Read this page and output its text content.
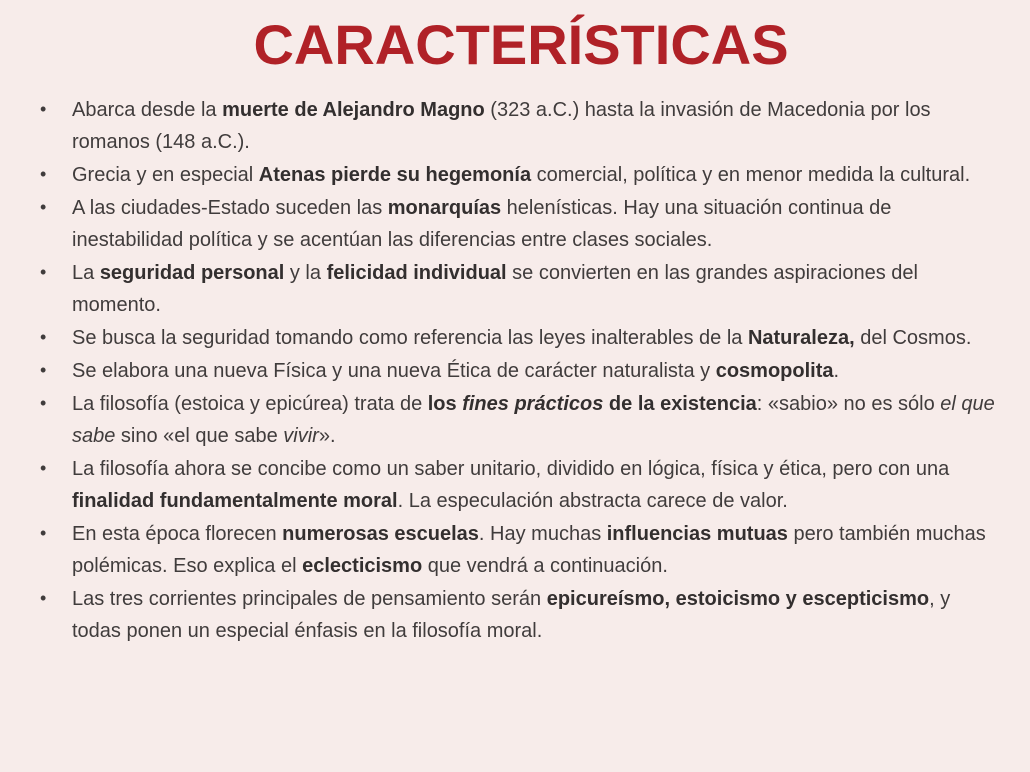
CARACTERÍSTICAS
• Abarca desde la muerte de Alejandro Magno (323 a.C.) hasta la invasión de Macedonia por los romanos (148 a.C.).
• Grecia y en especial Atenas pierde su hegemonía comercial, política y en menor medida la cultural.
• A las ciudades-Estado suceden las monarquías helenísticas. Hay una situación continua de inestabilidad política y se acentúan las diferencias entre clases sociales.
• La seguridad personal y la felicidad individual se convierten en las grandes aspiraciones del momento.
• Se busca la seguridad tomando como referencia las leyes inalterables de la Naturaleza, del Cosmos.
• Se elabora una nueva Física y una nueva Ética de carácter naturalista y cosmopolita.
• La filosofía (estoica y epicúrea) trata de los fines prácticos de la existencia: «sabio» no es sólo el que sabe sino «el que sabe vivir».
• La filosofía ahora se concibe como un saber unitario, dividido en lógica, física y ética, pero con una finalidad fundamentalmente moral. La especulación abstracta carece de valor.
• En esta época florecen numerosas escuelas. Hay muchas influencias mutuas pero también muchas polémicas. Eso explica el eclecticismo que vendrá a continuación.
• Las tres corrientes principales de pensamiento serán epicureísmo, estoicismo y escepticismo, y todas ponen un especial énfasis en la filosofía moral.
